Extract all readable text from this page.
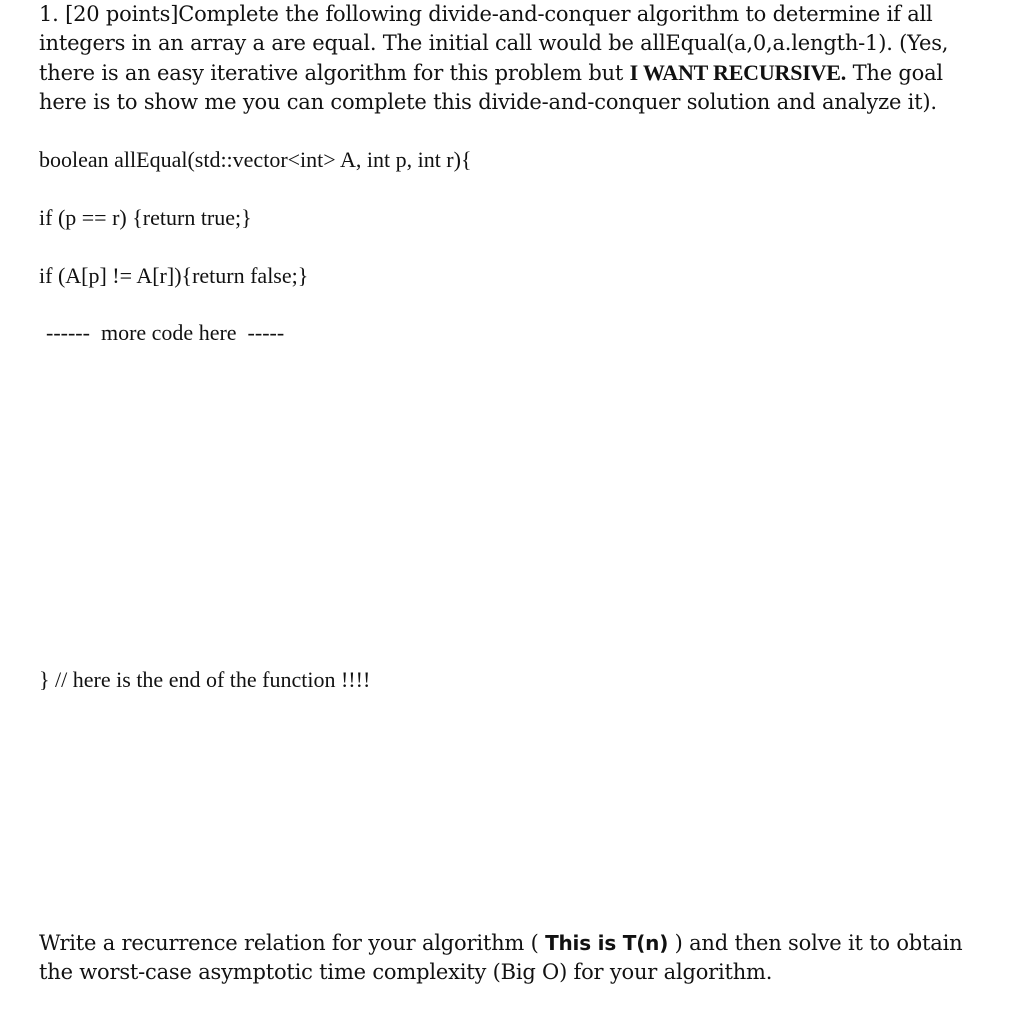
1. [20 points]Complete the following divide-and-conquer algorithm to determine if all
integers in an array a are equal. The initial call would be allEqual(a,0,a.length-1). (Yes,
there is an easy iterative algorithm for this problem but I WANT RECURSIVE. The goal
here is to show me you can complete this divide-and-conquer solution and analyze it).
boolean allEqual(std::vector<int> A, int p, int r){
if (p == r) {return true;}
if (A[p] != A[r]){return false;}
------  more code here  -----
} // here is the end of the function !!!!
Write a recurrence relation for your algorithm ( This is T(n) ) and then solve it to obtain
the worst-case asymptotic time complexity (Big O) for your algorithm.
